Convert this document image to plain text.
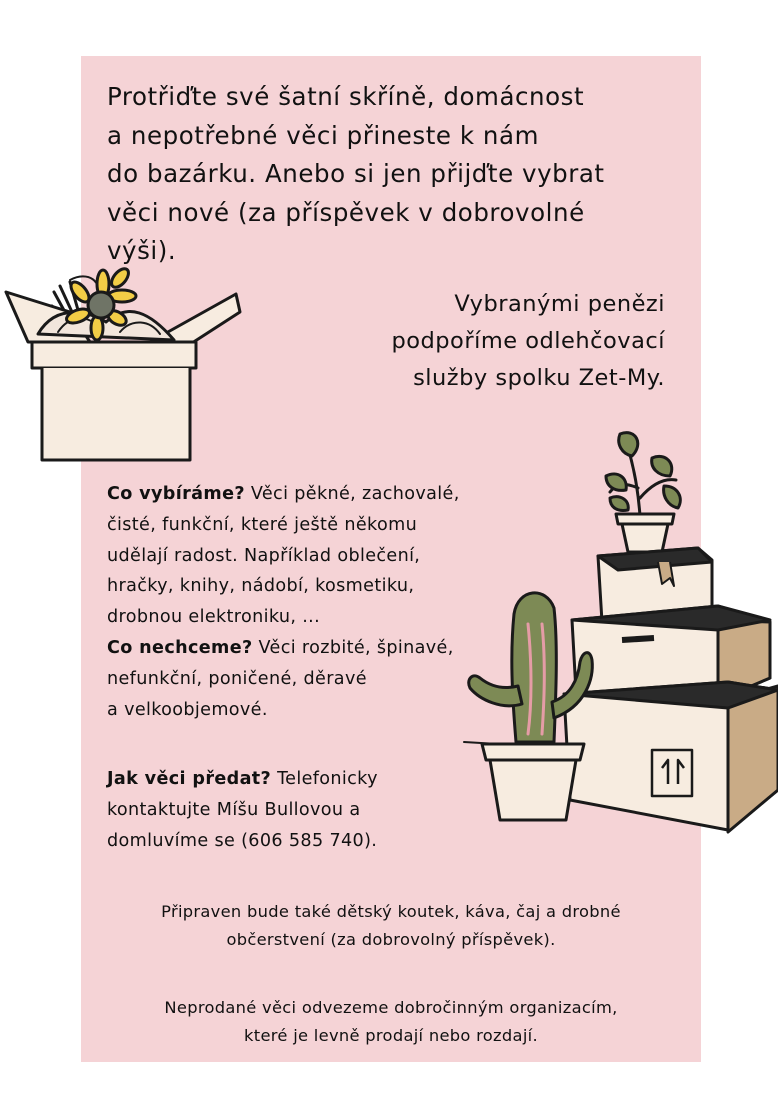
Protřiďte své šatní skříně, domácnost
a nepotřebné věci přineste k nám
do bazárku. Anebo si jen přijďte vybrat
věci nové (za příspěvek v dobrovolné
výši).

Vybranými penězi
podpoříme odlehčovací
služby spolku Zet-My.

Co vybíráme? Věci pěkné, zachovalé,
čisté, funkční, které ještě někomu
udělají radost. Například oblečení,
hračky, knihy, nádobí, kosmetiku,
drobnou elektroniku, ...
Co nechceme? Věci rozbité, špinavé,
nefunkční, poničené, děravé
a velkoobjemové.

Jak věci předat? Telefonicky
kontaktujte Míšu Bullovou a
domluvíme se (606 585 740).

Připraven bude také dětský koutek, káva, čaj a drobné
občerstvení (za dobrovolný příspěvek).

Neprodané věci odvezeme dobročinným organizacím,
které je levně prodají nebo rozdají.
